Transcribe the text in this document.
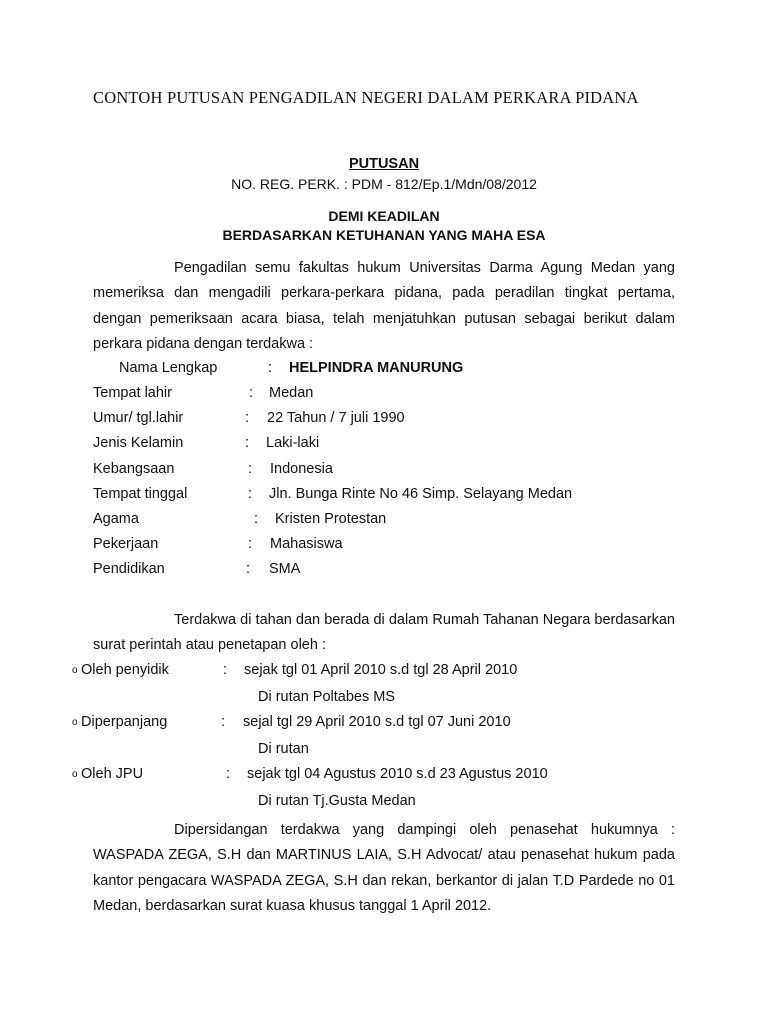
CONTOH PUTUSAN PENGADILAN NEGERI DALAM PERKARA PIDANA
PUTUSAN
NO. REG. PERK. : PDM - 812/Ep.1/Mdn/08/2012
DEMI KEADILAN
BERDASARKAN KETUHANAN YANG MAHA ESA
Pengadilan semu fakultas hukum Universitas Darma Agung Medan yang memeriksa dan mengadili perkara-perkara pidana, pada peradilan tingkat pertama, dengan pemeriksaan acara biasa, telah menjatuhkan putusan sebagai berikut dalam perkara pidana dengan terdakwa :
Nama Lengkap	: HELPINDRA MANURUNG
Tempat lahir	: Medan
Umur/ tgl.lahir	: 22 Tahun / 7 juli 1990
Jenis Kelamin	: Laki-laki
Kebangsaan	: Indonesia
Tempat tinggal	: Jln. Bunga Rinte No 46 Simp. Selayang Medan
Agama	: Kristen Protestan
Pekerjaan	: Mahasiswa
Pendidikan	: SMA
Terdakwa di tahan dan berada di dalam Rumah Tahanan Negara berdasarkan surat perintah atau penetapan oleh :
o Oleh penyidik	: sejak tgl 01 April 2010 s.d tgl 28 April 2010
Di rutan Poltabes MS
o Diperpanjang	: sejal tgl 29 April 2010 s.d tgl 07 Juni 2010
Di rutan
o Oleh JPU	: sejak tgl 04 Agustus 2010 s.d 23 Agustus 2010
Di rutan Tj.Gusta Medan
Dipersidangan terdakwa yang dampingi oleh penasehat hukumnya : WASPADA ZEGA, S.H dan MARTINUS LAIA, S.H Advocat/ atau penasehat hukum pada kantor pengacara WASPADA ZEGA, S.H dan rekan, berkantor di jalan T.D Pardede no 01 Medan, berdasarkan surat kuasa khusus tanggal 1 April 2012.
